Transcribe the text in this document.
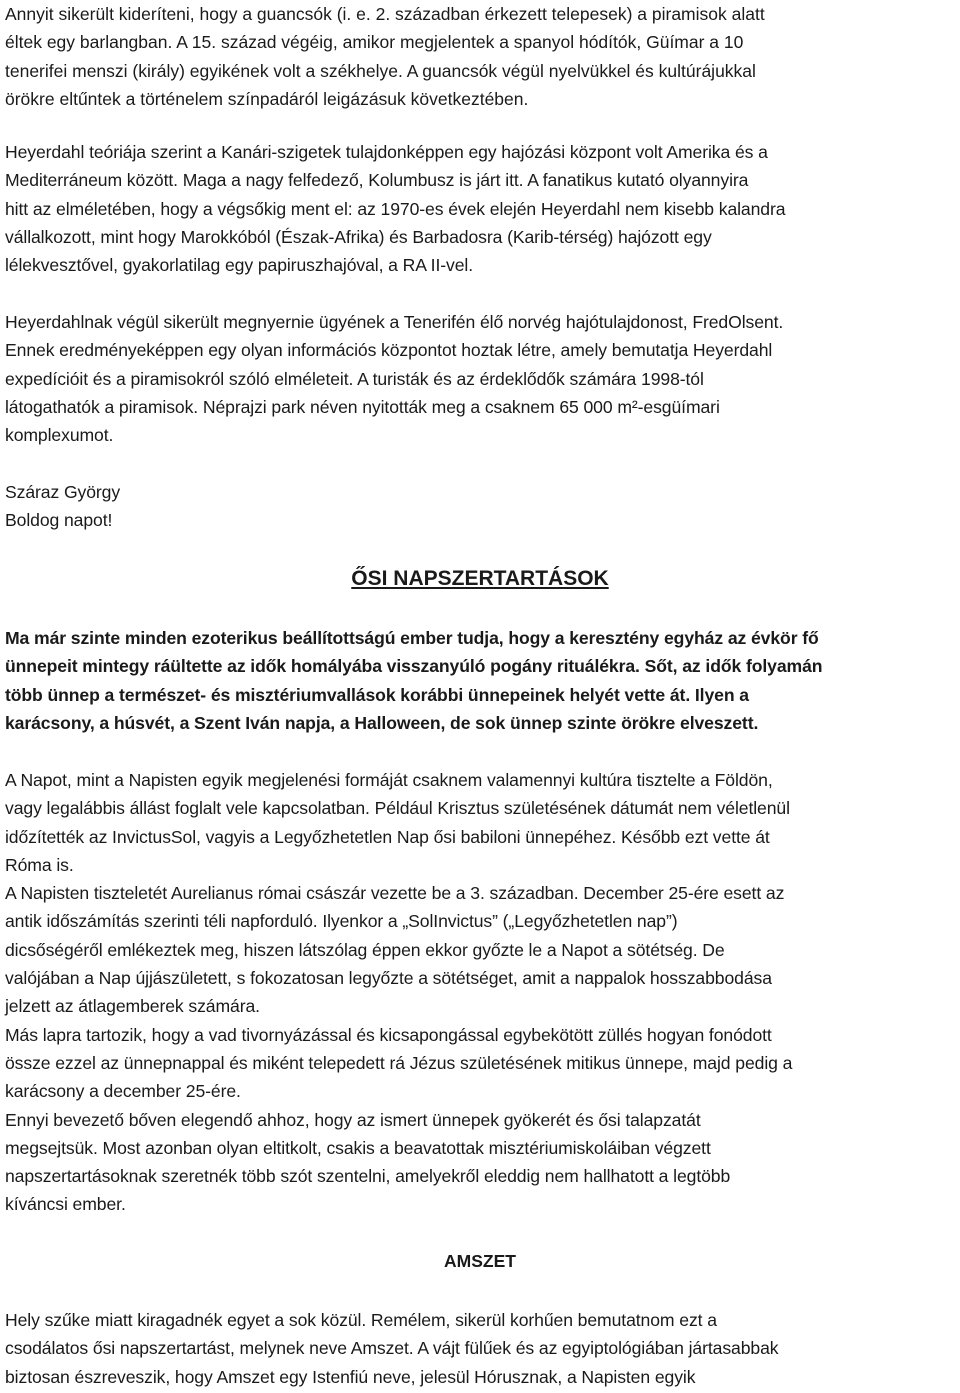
Annyit sikerült kideríteni, hogy a guancsók (i. e. 2. században érkezett telepesek) a piramisok alatt
éltek egy barlangban. A 15. század végéig, amikor megjelentek a spanyol hódítók, Güímar a 10
tenerifei menszi (király) egyikének volt a székhelye. A guancsók végül nyelvükkel és kultúrájukkal
örökre eltűntek a történelem színpadáról leigázásuk következtében.
Heyerdahl teóriája szerint a Kanári-szigetek tulajdonképpen egy hajózási központ volt Amerika és a
Mediterráneum között. Maga a nagy felfedező, Kolumbusz is járt itt. A fanatikus kutató olyannyira
hitt az elméletében, hogy a végsőkig ment el: az 1970-es évek elején Heyerdahl nem kisebb kalandra
vállalkozott, mint hogy Marokkóból (Észak-Afrika) és Barbadosra (Karib-térség) hajózott egy
lélekvesztővel, gyakorlatilag egy papiruszhajóval, a RA II-vel.
Heyerdahlnak végül sikerült megnyernie ügyének a Tenerifén élő norvég hajótulajdonost, FredOlsent.
Ennek eredményeképpen egy olyan információs központot hoztak létre, amely bemutatja Heyerdahl
expedícióit és a piramisokról szóló elméleteit. A turisták és az érdeklődők számára 1998-tól
látogathatók a piramisok. Néprajzi park néven nyitották meg a csaknem 65 000 m²-esgüímari
komplexumot.
Száraz György
Boldog napot!
ŐSI NAPSZERTARTÁSOK
Ma már szinte minden ezoterikus beállítottságú ember tudja, hogy a keresztény egyház az évkör fő
ünnepeit mintegy ráültette az idők homályába visszanyúló pogány rituálékra. Sőt, az idők folyamán
több ünnep a természet- és misztériumvallások korábbi ünnepeinek helyét vette át. Ilyen a
karácsony, a húsvét, a Szent Iván napja, a Halloween, de sok ünnep szinte örökre elveszett.
A Napot, mint a Napisten egyik megjelenési formáját csaknem valamennyi kultúra tisztelte a Földön,
vagy legalábbis állást foglalt vele kapcsolatban. Például Krisztus születésének dátumát nem véletlenül
időzítették az InvictusSol, vagyis a Legyőzhetetlen Nap ősi babiloni ünnepéhez. Később ezt vette át
Róma is.
A Napisten tiszteletét Aurelianus római császár vezette be a 3. században. December 25-ére esett az
antik időszámítás szerinti téli napforduló. Ilyenkor a „SolInvictus” („Legyőzhetetlen nap”)
dicsőségéről emlékeztek meg, hiszen látszólag éppen ekkor győzte le a Napot a sötétség. De
valójában a Nap újjászületett, s fokozatosan legyőzte a sötétséget, amit a nappalok hosszabbodása
jelzett az átlagemberek számára.
Más lapra tartozik, hogy a vad tivornyázással és kicsapongással egybekötött züllés hogyan fonódott
össze ezzel az ünnepnappal és miként telepedett rá Jézus születésének mitikus ünnepe, majd pedig a
karácsony a december 25-ére.
Ennyi bevezető bőven elegendő ahhoz, hogy az ismert ünnepek gyökerét és ősi talapzatát
megsejtsük. Most azonban olyan eltitkolt, csakis a beavatottak misztériumiskoláiban végzett
napszertartásoknak szeretnék több szót szentelni, amelyekről eleddig nem hallhatott a legtöbb
kíváncsi ember.
AMSZET
Hely szűke miatt kiragadnék egyet a sok közül. Remélem, sikerül korhűen bemutatnom ezt a
csodálatos ősi napszertartást, melynek neve Amszet. A vájt fülűek és az egyiptológiában jártasabbak
biztosan észreveszik, hogy Amszet egy Istenfiú neve, jelesül Hórusznak, a Napisten egyik
